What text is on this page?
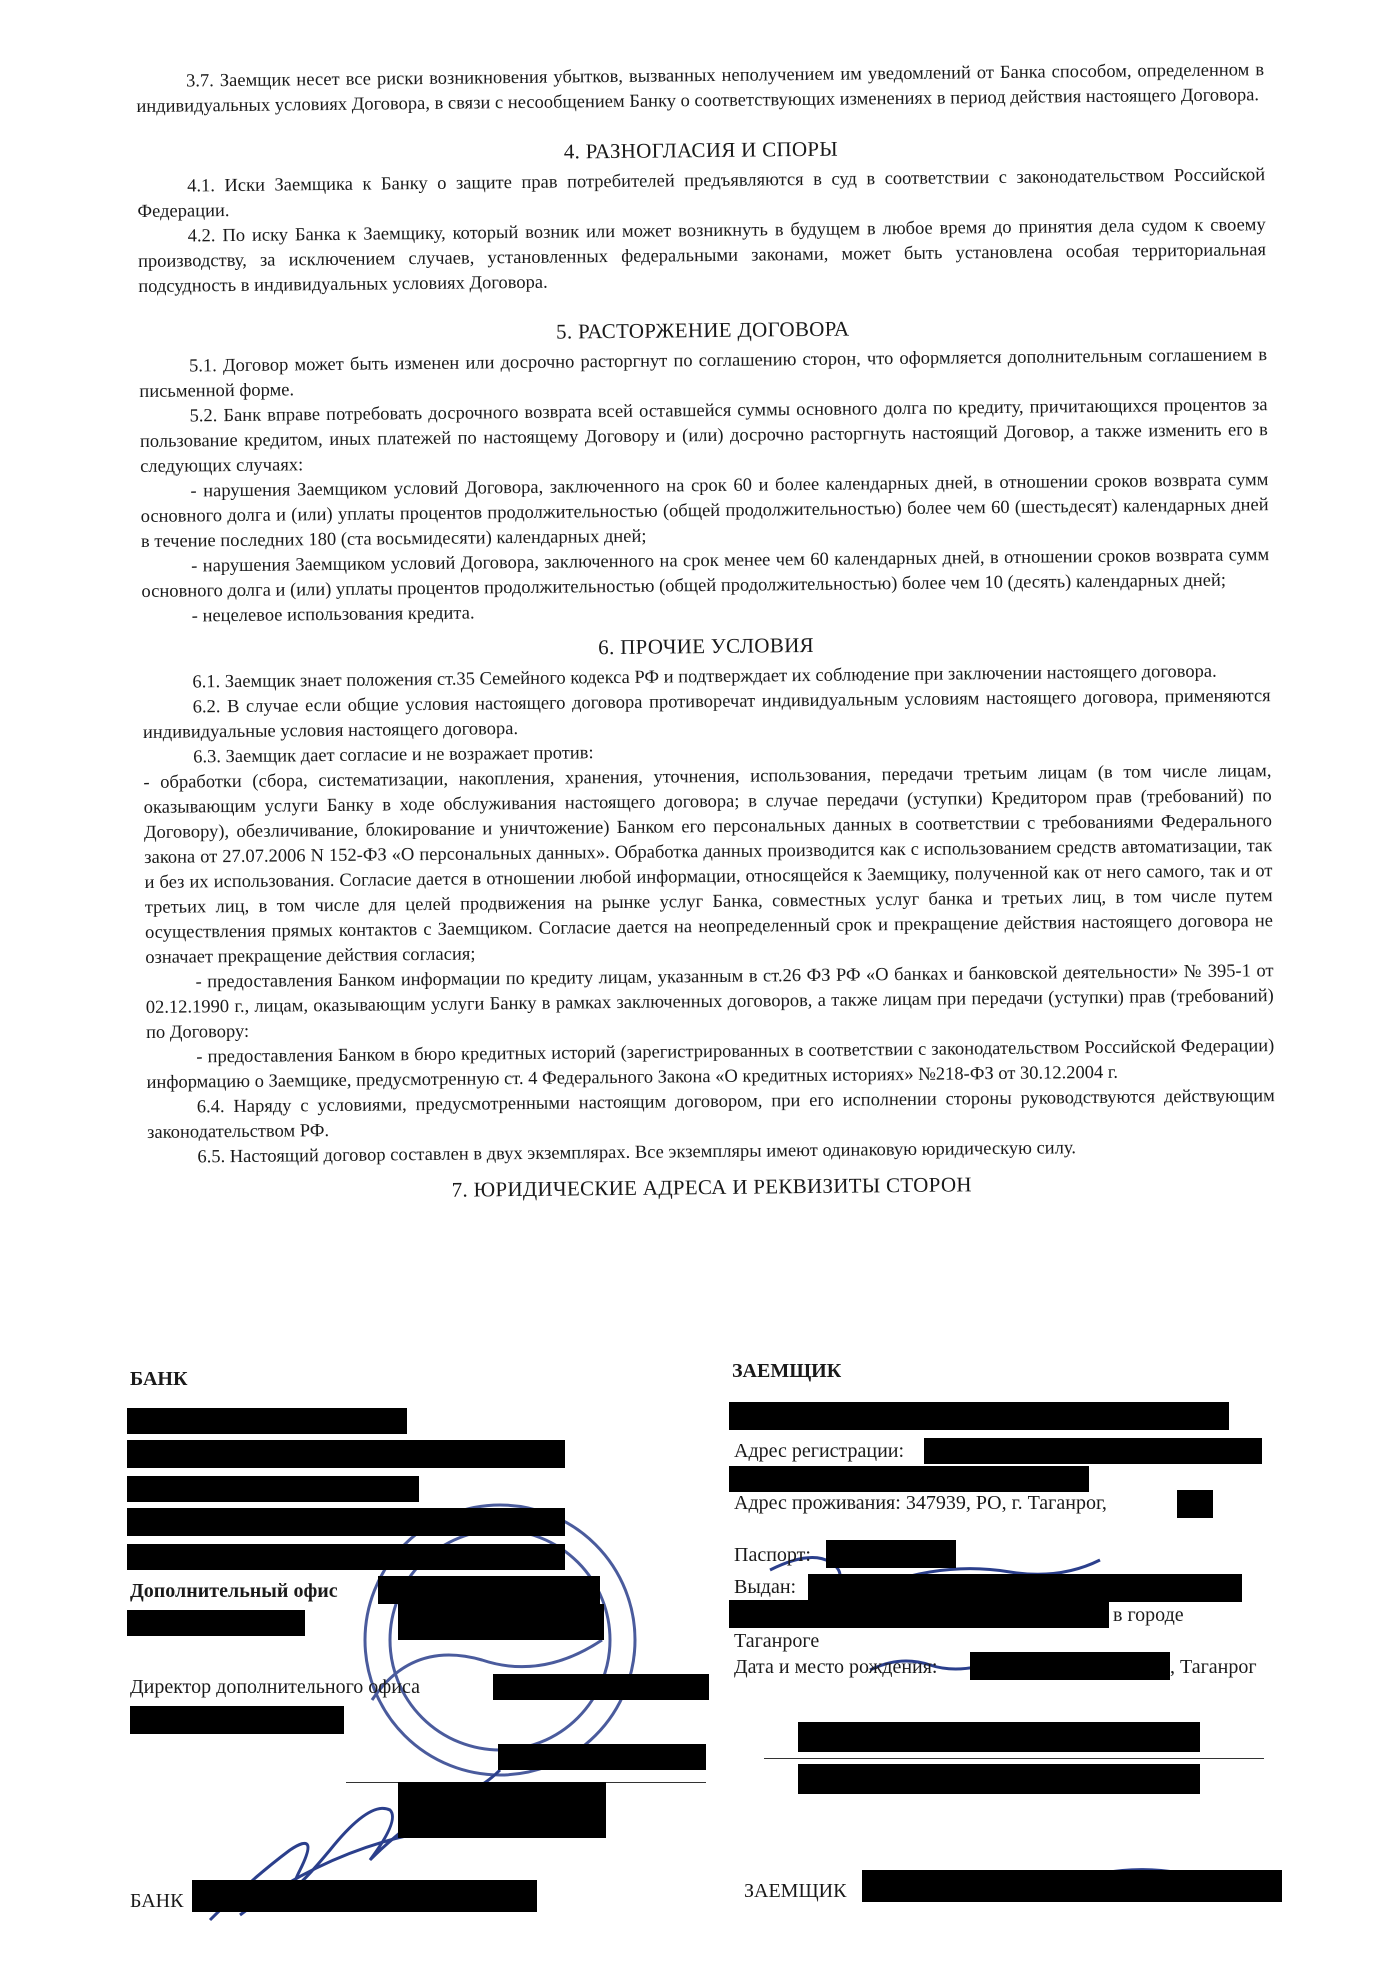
3.7. Заемщик несет все риски возникновения убытков, вызванных неполучением им уведомлений от Банка способом, определенном в индивидуальных условиях Договора, в связи с несообщением Банку о соответствующих изменениях в период действия настоящего Договора.

4. РАЗНОГЛАСИЯ И СПОРЫ

4.1. Иски Заемщика к Банку о защите прав потребителей предъявляются в суд в соответствии с законодательством Российской Федерации.

4.2. По иску Банка к Заемщику, который возник или может возникнуть в будущем в любое время до принятия дела судом к своему производству, за исключением случаев, установленных федеральными законами, может быть установлена особая территориальная подсудность в индивидуальных условиях Договора.

5. РАСТОРЖЕНИЕ ДОГОВОРА

5.1. Договор может быть изменен или досрочно расторгнут по соглашению сторон, что оформляется дополнительным соглашением в письменной форме.

5.2. Банк вправе потребовать досрочного возврата всей оставшейся суммы основного долга по кредиту, причитающихся процентов за пользование кредитом, иных платежей по настоящему Договору и (или) досрочно расторгнуть настоящий Договор, а также изменить его в следующих случаях:

- нарушения Заемщиком условий Договора, заключенного на срок 60 и более календарных дней, в отношении сроков возврата сумм основного долга и (или) уплаты процентов продолжительностью (общей продолжительностью) более чем 60 (шестьдесят) календарных дней в течение последних 180 (ста восьмидесяти) календарных дней;

- нарушения Заемщиком условий Договора, заключенного на срок менее чем 60 календарных дней, в отношении сроков возврата сумм основного долга и (или) уплаты процентов продолжительностью (общей продолжительностью) более чем 10 (десять) календарных дней;

- нецелевое использования кредита.

6. ПРОЧИЕ УСЛОВИЯ

6.1. Заемщик знает положения ст.35 Семейного кодекса РФ и подтверждает их соблюдение при заключении настоящего договора.

6.2. В случае если общие условия настоящего договора противоречат индивидуальным условиям настоящего договора, применяются индивидуальные условия настоящего договора.

6.3. Заемщик дает согласие и не возражает против:

- обработки (сбора, систематизации, накопления, хранения, уточнения, использования, передачи третьим лицам (в том числе лицам, оказывающим услуги Банку в ходе обслуживания настоящего договора; в случае передачи (уступки) Кредитором прав (требований) по Договору), обезличивание, блокирование и уничтожение) Банком его персональных данных в соответствии с требованиями Федерального закона от 27.07.2006 N 152-ФЗ «О персональных данных». Обработка данных производится как с использованием средств автоматизации, так и без их использования. Согласие дается в отношении любой информации, относящейся к Заемщику, полученной как от него самого, так и от третьих лиц, в том числе для целей продвижения на рынке услуг Банка, совместных услуг банка и третьих лиц, в том числе путем осуществления прямых контактов с Заемщиком. Согласие дается на неопределенный срок и прекращение действия настоящего договора не означает прекращение действия согласия;

- предоставления Банком информации по кредиту лицам, указанным в ст.26 ФЗ РФ «О банках и банковской деятельности» № 395-1 от 02.12.1990 г., лицам, оказывающим услуги Банку в рамках заключенных договоров, а также лицам при передачи (уступки) прав (требований) по Договору:

- предоставления Банком в бюро кредитных историй (зарегистрированных в соответствии с законодательством Российской Федерации) информацию о Заемщике, предусмотренную ст. 4 Федерального Закона «О кредитных историях» №218-ФЗ от 30.12.2004 г.

6.4. Наряду с условиями, предусмотренными настоящим договором, при его исполнении стороны руководствуются действующим законодательством РФ.

6.5. Настоящий договор составлен в двух экземплярах. Все экземпляры имеют одинаковую юридическую силу.

7. ЮРИДИЧЕСКИЕ АДРЕСА И РЕКВИЗИТЫ СТОРОН
БАНК
Дополнительный офис
Директор дополнительного офиса
БАНК
ЗАЕМЩИК
Адрес регистрации:
Адрес проживания: 347939, РО, г. Таганрог,
Паспорт:
Выдан:
в городе
Таганроге
Дата и место рождения:	, Таганрог
ЗАЕМЩИК
